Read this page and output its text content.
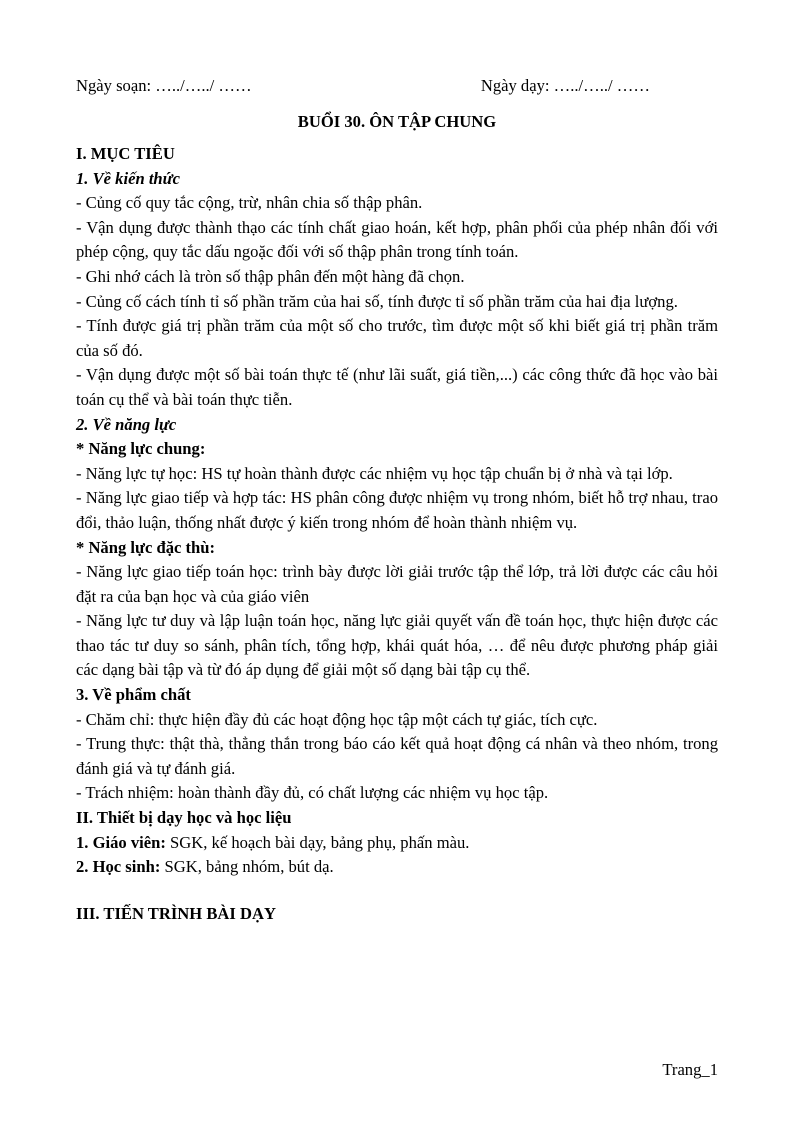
Ngày soạn: …../…../ ……	Ngày dạy: …../…../ ……
BUỔI 30. ÔN TẬP CHUNG
I. MỤC TIÊU
1. Về kiến thức

- Củng cố quy tắc cộng, trừ, nhân chia số thập phân.

- Vận dụng được thành thạo các tính chất giao hoán, kết hợp, phân phối của phép nhân đối với phép cộng, quy tắc dấu ngoặc đối với số thập phân trong tính toán.

- Ghi nhớ cách là tròn số thập phân đến một hàng đã chọn.

- Củng cố cách tính tỉ số phần trăm của hai số, tính được tỉ số phần trăm của hai địa lượng.

- Tính được giá trị phần trăm của một số cho trước, tìm được một số khi biết giá trị phần trăm của số đó.

- Vận dụng được một số bài toán thực tế (như lãi suất, giá tiền,...) các công thức đã học vào bài toán cụ thể và bài toán thực tiễn.

2. Về năng lực
* Năng lực chung:

- Năng lực tự học: HS tự hoàn thành được các nhiệm vụ học tập chuẩn bị ở nhà và tại lớp.

- Năng lực giao tiếp và hợp tác: HS phân công được nhiệm vụ trong nhóm, biết hỗ trợ nhau, trao đổi, thảo luận, thống nhất được ý kiến trong nhóm để hoàn thành nhiệm vụ.

* Năng lực đặc thù:

- Năng lực giao tiếp toán học: trình bày được lời giải trước tập thể lớp, trả lời được các câu hỏi đặt ra của bạn học và của giáo viên

- Năng lực tư duy và lập luận toán học, năng lực giải quyết vấn đề toán học, thực hiện được các thao tác tư duy so sánh, phân tích, tổng hợp, khái quát hóa, … để nêu được phương pháp giải các dạng bài tập và từ đó áp dụng để giải một số dạng bài tập cụ thể.

3. Về phẩm chất

- Chăm chỉ: thực hiện đầy đủ các hoạt động học tập một cách tự giác, tích cực.

- Trung thực: thật thà, thẳng thắn trong báo cáo kết quả hoạt động cá nhân và theo nhóm, trong đánh giá và tự đánh giá.

- Trách nhiệm: hoàn thành đầy đủ, có chất lượng các nhiệm vụ học tập.

II. Thiết bị dạy học và học liệu

1. Giáo viên: SGK, kế hoạch bài dạy, bảng phụ, phấn màu.

2. Học sinh: SGK, bảng nhóm, bút dạ.

III. TIẾN TRÌNH BÀI DẠY
Trang_1
